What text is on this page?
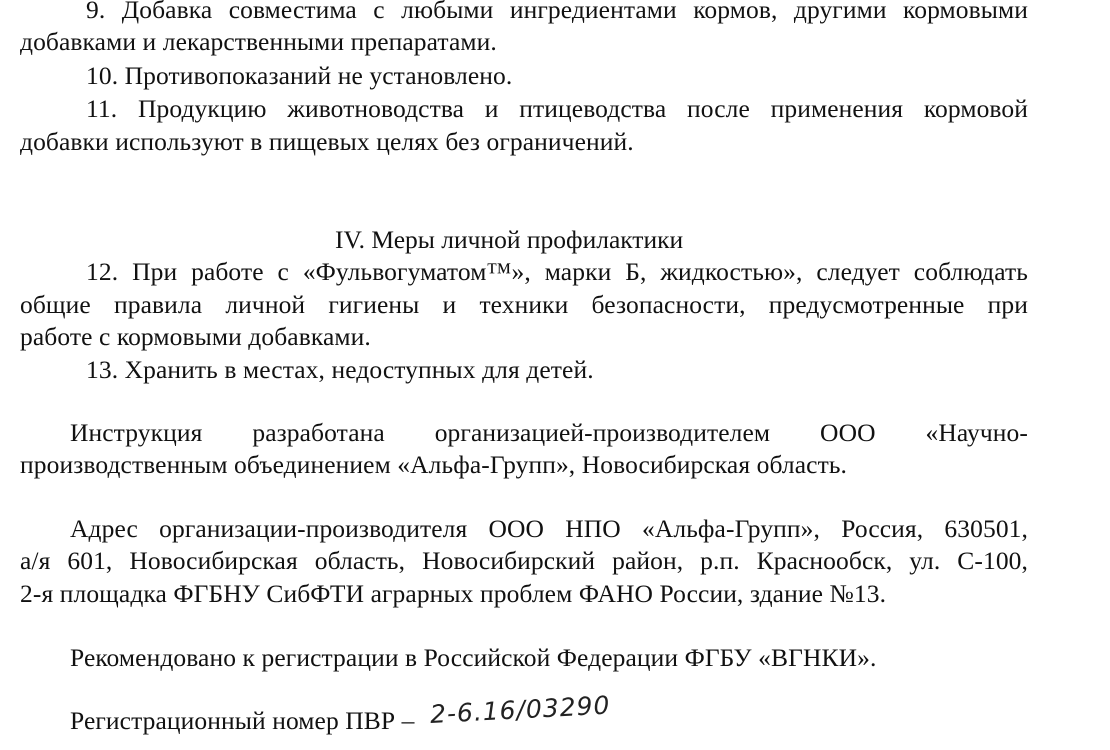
9. Добавка совместима с любыми ингредиентами кормов, другими кормовыми
добавками и лекарственными препаратами.
10. Противопоказаний не установлено.
11. Продукцию животноводства и птицеводства после применения кормовой
добавки используют в пищевых целях без ограничений.
IV. Меры личной профилактики
12. При работе с «Фульвогуматом™», марки Б, жидкостью», следует соблюдать
общие правила личной гигиены и техники безопасности, предусмотренные при
работе с кормовыми добавками.
13. Хранить в местах, недоступных для детей.
Инструкция разработана организацией-производителем ООО «Научно-
производственным объединением «Альфа-Групп», Новосибирская область.
Адрес организации-производителя ООО НПО «Альфа-Групп», Россия, 630501,
а/я 601, Новосибирская область, Новосибирский район, р.п. Краснообск, ул. С-100,
2-я площадка ФГБНУ СибФТИ аграрных проблем ФАНО России, здание №13.
Рекомендовано к регистрации в Российской Федерации ФГБУ «ВГНКИ».
Регистрационный номер ПВР – 2-6.16/03290
